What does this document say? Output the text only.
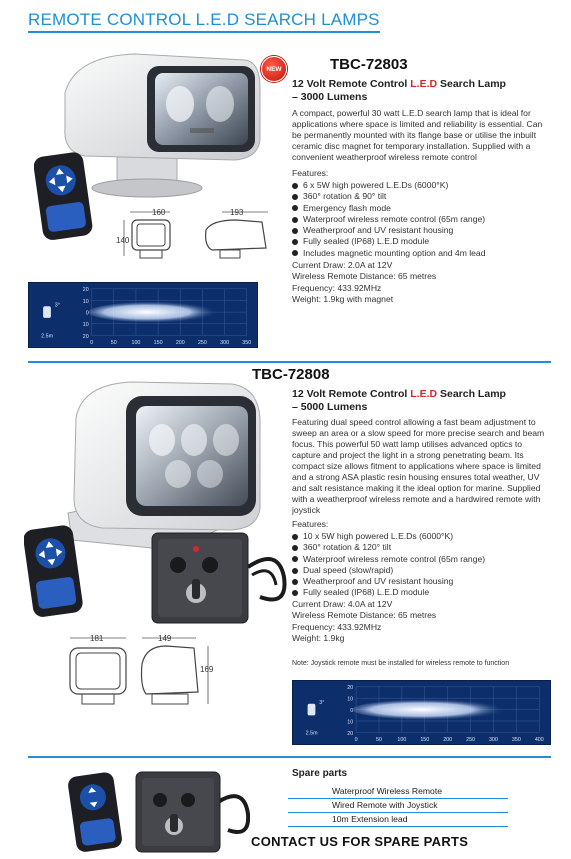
REMOTE CONTROL L.E.D SEARCH LAMPS
NEW
160
140
193
20
10
0
10
20
0	50	100 150 200 250 300 350
3°
2.5m
TBC-72803
12 Volt Remote Control L.E.D Search Lamp
– 3000 Lumens
A compact, powerful 30 watt L.E.D search lamp that is ideal for applications where space is limited and reliability is essential. Can be permanently mounted with its flange base or utilise the inbuilt ceramic disc magnet for temporary installation. Supplied with a convenient weatherproof wireless remote control
Features:
6 x 5W high powered L.E.Ds (6000°K)
360° rotation & 90° tilt
Emergency flash mode
Waterproof wireless remote control (65m range)
Weatherproof and UV resistant housing
Fully sealed (IP68) L.E.D module
Includes magnetic mounting option and 4m lead
Current Draw: 2.0A at 12V
Wireless Remote Distance: 65 metres
Frequency: 433.92MHz
Weight: 1.9kg with magnet
TBC-72808
12 Volt Remote Control L.E.D Search Lamp
– 5000 Lumens
Featuring dual speed control allowing a fast beam adjustment to sweep an area or a slow speed for more precise search and beam focus. This powerful 50 watt lamp utilises advanced optics to capture and project the light in a strong penetrating beam. Its compact size allows fitment to applications where space is limited and a strong ASA plastic resin housing ensures total weather, UV and salt resistance making it the ideal option for marine. Supplied with a weatherproof wireless remote and a hardwired remote with joystick
Features:
10 x 5W high powered L.E.Ds (6000°K)
360° rotation & 120° tilt
Waterproof wireless remote control (65m range)
Dual speed (slow/rapid)
Weatherproof and UV resistant housing
Fully sealed (IP68) L.E.D module
Current Draw: 4.0A at 12V
Wireless Remote Distance: 65 metres
Frequency: 433.92MHz
Weight: 1.9kg
Note: Joystick remote must be installed for wireless remote to function
181	149
169
20
10
0
10
20
0	50	100	150	200	250	300	350	400
3°
2.5m
Spare parts
Waterproof Wireless Remote
Wired Remote with Joystick
10m Extension lead
CONTACT US FOR SPARE PARTS
